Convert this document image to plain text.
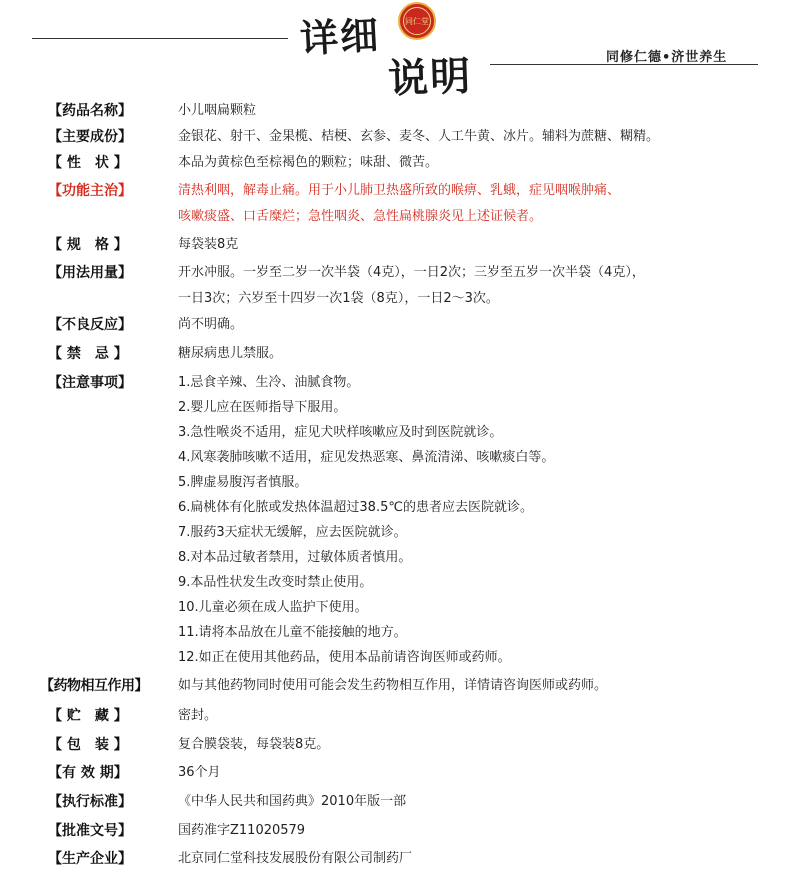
详细	同仁堂
说明	同修仁德•济世养生
【药品名称】	小儿咽扁颗粒
【主要成份】	金银花、射干、金果榄、桔梗、玄参、麦冬、人工牛黄、冰片。辅料为蔗糖、糊精。
【 性　状 】	本品为黄棕色至棕褐色的颗粒；味甜、微苦。
【功能主治】	清热利咽，解毒止痛。用于小儿肺卫热盛所致的喉痹、乳蛾，症见咽喉肿痛、
咳嗽痰盛、口舌糜烂；急性咽炎、急性扁桃腺炎见上述证候者。
【 规　格 】	每袋装8克
【用法用量】	开水冲服。一岁至二岁一次半袋（4克），一日2次；三岁至五岁一次半袋（4克），
一日3次；六岁至十四岁一次1袋（8克），一日2～3次。
【不良反应】	尚不明确。
【 禁　忌 】	糖尿病患儿禁服。
【注意事项】	1.忌食辛辣、生冷、油腻食物。
2.婴儿应在医师指导下服用。
3.急性喉炎不适用，症见犬吠样咳嗽应及时到医院就诊。
4.风寒袭肺咳嗽不适用，症见发热恶寒、鼻流清涕、咳嗽痰白等。
5.脾虚易腹泻者慎服。
6.扁桃体有化脓或发热体温超过38.5℃的患者应去医院就诊。
7.服药3天症状无缓解，应去医院就诊。
8.对本品过敏者禁用，过敏体质者慎用。
9.本品性状发生改变时禁止使用。
10.儿童必须在成人监护下使用。
11.请将本品放在儿童不能接触的地方。
12.如正在使用其他药品，使用本品前请咨询医师或药师。
【药物相互作用】	如与其他药物同时使用可能会发生药物相互作用，详情请咨询医师或药师。
【 贮　藏 】	密封。
【 包　装 】	复合膜袋装，每袋装8克。
【有 效 期】	36个月
【执行标准】	《中华人民共和国药典》2010年版一部
【批准文号】	国药准字Z11020579
【生产企业】	北京同仁堂科技发展股份有限公司制药厂
